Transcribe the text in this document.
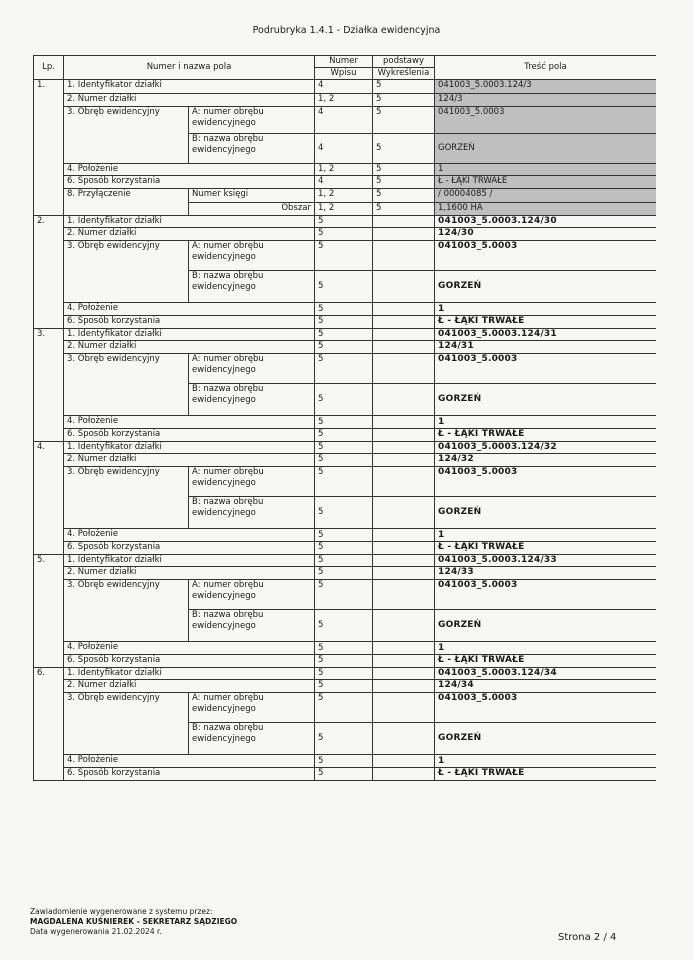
Podrubryka 1.4.1 - Działka ewidencyjna
Lp.	Numer i nazwa pola		Numer	podstawy	Treść pola
			Wpisu	Wykreślenia	
1.	1. Identyfikator działki		4	5	041003_5.0003.124/3
	2. Numer działki		1, 2	5	124/3
	3. Obręb ewidencyjny	A: numer obrębu ewidencyjnego	4	5	041003_5.0003
		B: nazwa obrębu ewidencyjnego	4	5	GORZEŃ
	4. Położenie		1, 2	5	1
	6. Sposób korzystania		4	5	Ł - ŁĄKI TRWAŁE
	8. Przyłączenie	Numer księgi	1, 2	5	/ 00004085 /
		Obszar	1, 2	5	1,1600 HA
2.	1. Identyfikator działki		5		041003_5.0003.124/30
	2. Numer działki		5		124/30
	3. Obręb ewidencyjny	A: numer obrębu ewidencyjnego	5		041003_5.0003
		B: nazwa obrębu ewidencyjnego	5		GORZEŃ
	4. Położenie		5		1
	6. Sposób korzystania		5		Ł - ŁĄKI TRWAŁE
3.	1. Identyfikator działki		5		041003_5.0003.124/31
	2. Numer działki		5		124/31
	3. Obręb ewidencyjny	A: numer obrębu ewidencyjnego	5		041003_5.0003
		B: nazwa obrębu ewidencyjnego	5		GORZEŃ
	4. Położenie		5		1
	6. Sposób korzystania		5		Ł - ŁĄKI TRWAŁE
4.	1. Identyfikator działki		5		041003_5.0003.124/32
	2. Numer działki		5		124/32
	3. Obręb ewidencyjny	A: numer obrębu ewidencyjnego	5		041003_5.0003
		B: nazwa obrębu ewidencyjnego	5		GORZEŃ
	4. Położenie		5		1
	6. Sposób korzystania		5		Ł - ŁĄKI TRWAŁE
5.	1. Identyfikator działki		5		041003_5.0003.124/33
	2. Numer działki		5		124/33
	3. Obręb ewidencyjny	A: numer obrębu ewidencyjnego	5		041003_5.0003
		B: nazwa obrębu ewidencyjnego	5		GORZEŃ
	4. Położenie		5		1
	6. Sposób korzystania		5		Ł - ŁĄKI TRWAŁE
6.	1. Identyfikator działki		5		041003_5.0003.124/34
	2. Numer działki		5		124/34
	3. Obręb ewidencyjny	A: numer obrębu ewidencyjnego	5		041003_5.0003
		B: nazwa obrębu ewidencyjnego	5		GORZEŃ
	4. Położenie		5		1
	6. Sposób korzystania		5		Ł - ŁĄKI TRWAŁE
Zawiadomienie wygenerowane z systemu przez:
MAGDALENA KUŚNIEREK - SEKRETARZ SĄDZIEGO
Data wygenerowania 21.02.2024 r.
Strona 2 / 4
